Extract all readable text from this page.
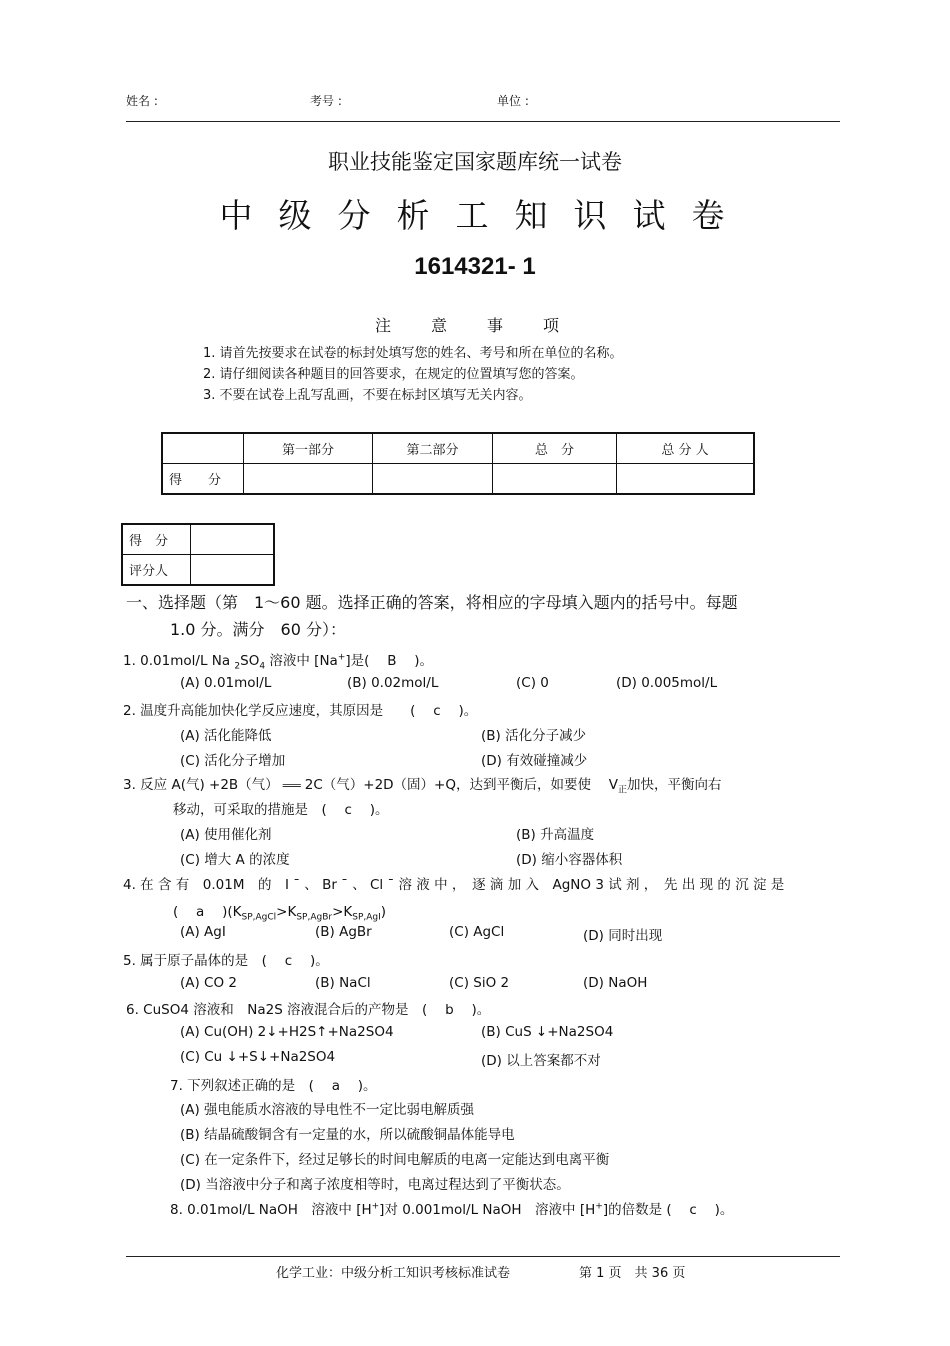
姓名 :	考号 :	单位 :
职业技能鉴定国家题库统一试卷
中级分析工知识试卷
1614321- 1
注意事项
1. 请首先按要求在试卷的标封处填写您的姓名、考号和所在单位的名称。
2. 请仔细阅读各种题目的回答要求，在规定的位置填写您的答案。
3. 不要在试卷上乱写乱画，不要在标封区填写无关内容。
	第一部分	第二部分	总　分	总 分 人
得　　分				
得　分	
评分人	
一、选择题（第　1～60 题。选择正确的答案，将相应的字母填入题内的括号中。每题
1.0 分。满分　60 分）：
1. 0.01mol/L Na $_2SO_4$ 溶液中 [Na+]是(　 B 　)。
(A) 0.01mol/L	(B) 0.02mol/L	(C) 0	(D) 0.005mol/L
2. 温度升高能加快化学反应速度，其原因是　　(　 c 　)。
(A) 活化能降低	(B) 活化分子减少
(C) 活化分子增加	(D) 有效碰撞减少
3. 反应 A(气) +2B（气） ═══ 2C（气）+2D（固）+Q，达到平衡后，如要使　 $V_正$加快，平衡向右
移动，可采取的措施是　(　 c 　)。
(A) 使用催化剂	(B) 升高温度
(C) 增大 A 的浓度	(D) 缩小容器体积
4. 在 含 有　0.01M　的　I ¯ 、 Br ¯ 、 Cl ¯ 溶 液 中 ，　逐 滴 加 入　AgNO 3 试 剂 ，　先 出 现 的 沉 淀 是
(　 a 　)$(K_{SP,AgCl}>K_{SP,AgBr}>K_{SP,AgI})$
(A) AgI	(B) AgBr	(C) AgCl	(D) 同时出现
5. 属于原子晶体的是　(　 c 　)。
(A) CO 2	(B) NaCl	(C) SiO 2	(D) NaOH
6. CuSO4 溶液和　Na2S 溶液混合后的产物是　(　 b 　)。
(A) Cu(OH) 2↓+H2S↑+Na2SO4	(B) CuS ↓+Na2SO4
(C) Cu ↓+S↓+Na2SO4	(D) 以上答案都不对
7. 下列叙述正确的是　(　 a 　)。
(A) 强电能质水溶液的导电性不一定比弱电解质强
(B) 结晶硫酸铜含有一定量的水，所以硫酸铜晶体能导电
(C) 在一定条件下，经过足够长的时间电解质的电离一定能达到电离平衡
(D) 当溶液中分子和离子浓度相等时，电离过程达到了平衡状态。
8. 0.01mol/L NaOH　溶液中 [H+]对 0.001mol/L NaOH　溶液中 [H+]的倍数是 (　 c 　)。
化学工业：中级分析工知识考核标准试卷	第 1 页　共 36 页
